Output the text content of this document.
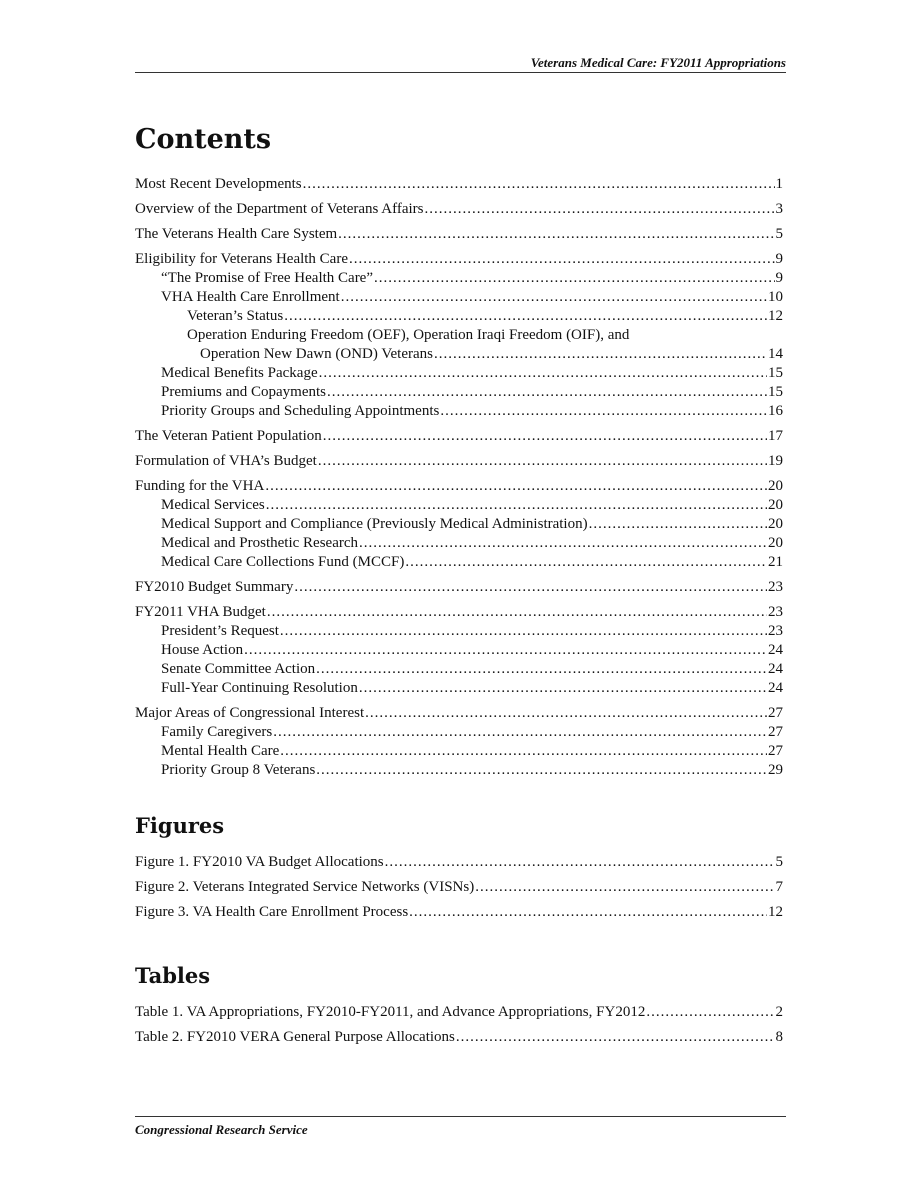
Veterans Medical Care: FY2011 Appropriations
Contents
Most Recent Developments .....	1
Overview of the Department of Veterans Affairs .....	3
The Veterans Health Care System .....	5
Eligibility for Veterans Health Care .....	9
“The Promise of Free Health Care” .....	9
VHA Health Care Enrollment .....	10
Veteran’s Status .....	12
Operation Enduring Freedom (OEF), Operation Iraqi Freedom (OIF), and
Operation New Dawn (OND) Veterans .....	14
Medical Benefits Package .....	15
Premiums and Copayments .....	15
Priority Groups and Scheduling Appointments .....	16
The Veteran Patient Population .....	17
Formulation of VHA’s Budget .....	19
Funding for the VHA .....	20
Medical Services .....	20
Medical Support and Compliance (Previously Medical Administration) .....	20
Medical and Prosthetic Research .....	20
Medical Care Collections Fund (MCCF) .....	21
FY2010 Budget Summary .....	23
FY2011 VHA Budget .....	23
President’s Request .....	23
House Action .....	24
Senate Committee Action .....	24
Full-Year Continuing Resolution .....	24
Major Areas of Congressional Interest .....	27
Family Caregivers .....	27
Mental Health Care .....	27
Priority Group 8 Veterans .....	29
Figures
Figure 1. FY2010 VA Budget Allocations .....	5
Figure 2. Veterans Integrated Service Networks (VISNs) .....	7
Figure 3. VA Health Care Enrollment Process .....	12
Tables
Table 1. VA Appropriations, FY2010-FY2011, and Advance Appropriations, FY2012 .....	2
Table 2. FY2010 VERA General Purpose Allocations .....	8
Congressional Research Service
